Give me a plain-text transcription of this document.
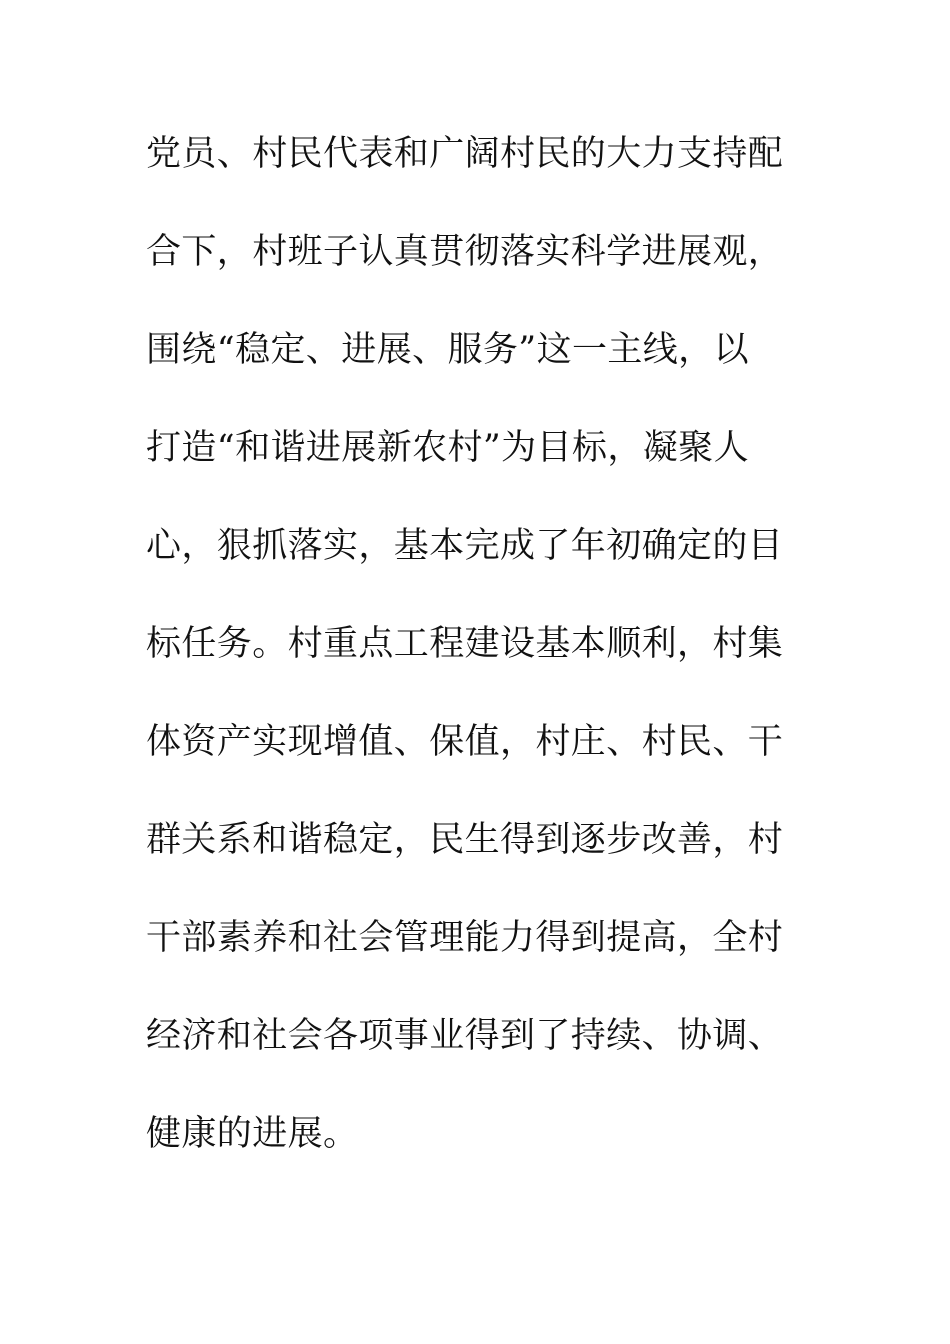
党员、村民代表和广阔村民的大力支持配
合下，村班子认真贯彻落实科学进展观，
围绕“稳定、进展、服务”这一主线，以
打造“和谐进展新农村”为目标，凝聚人
心，狠抓落实，基本完成了年初确定的目
标任务。村重点工程建设基本顺利，村集
体资产实现增值、保值，村庄、村民、干
群关系和谐稳定，民生得到逐步改善，村
干部素养和社会管理能力得到提高，全村
经济和社会各项事业得到了持续、协调、
健康的进展。
